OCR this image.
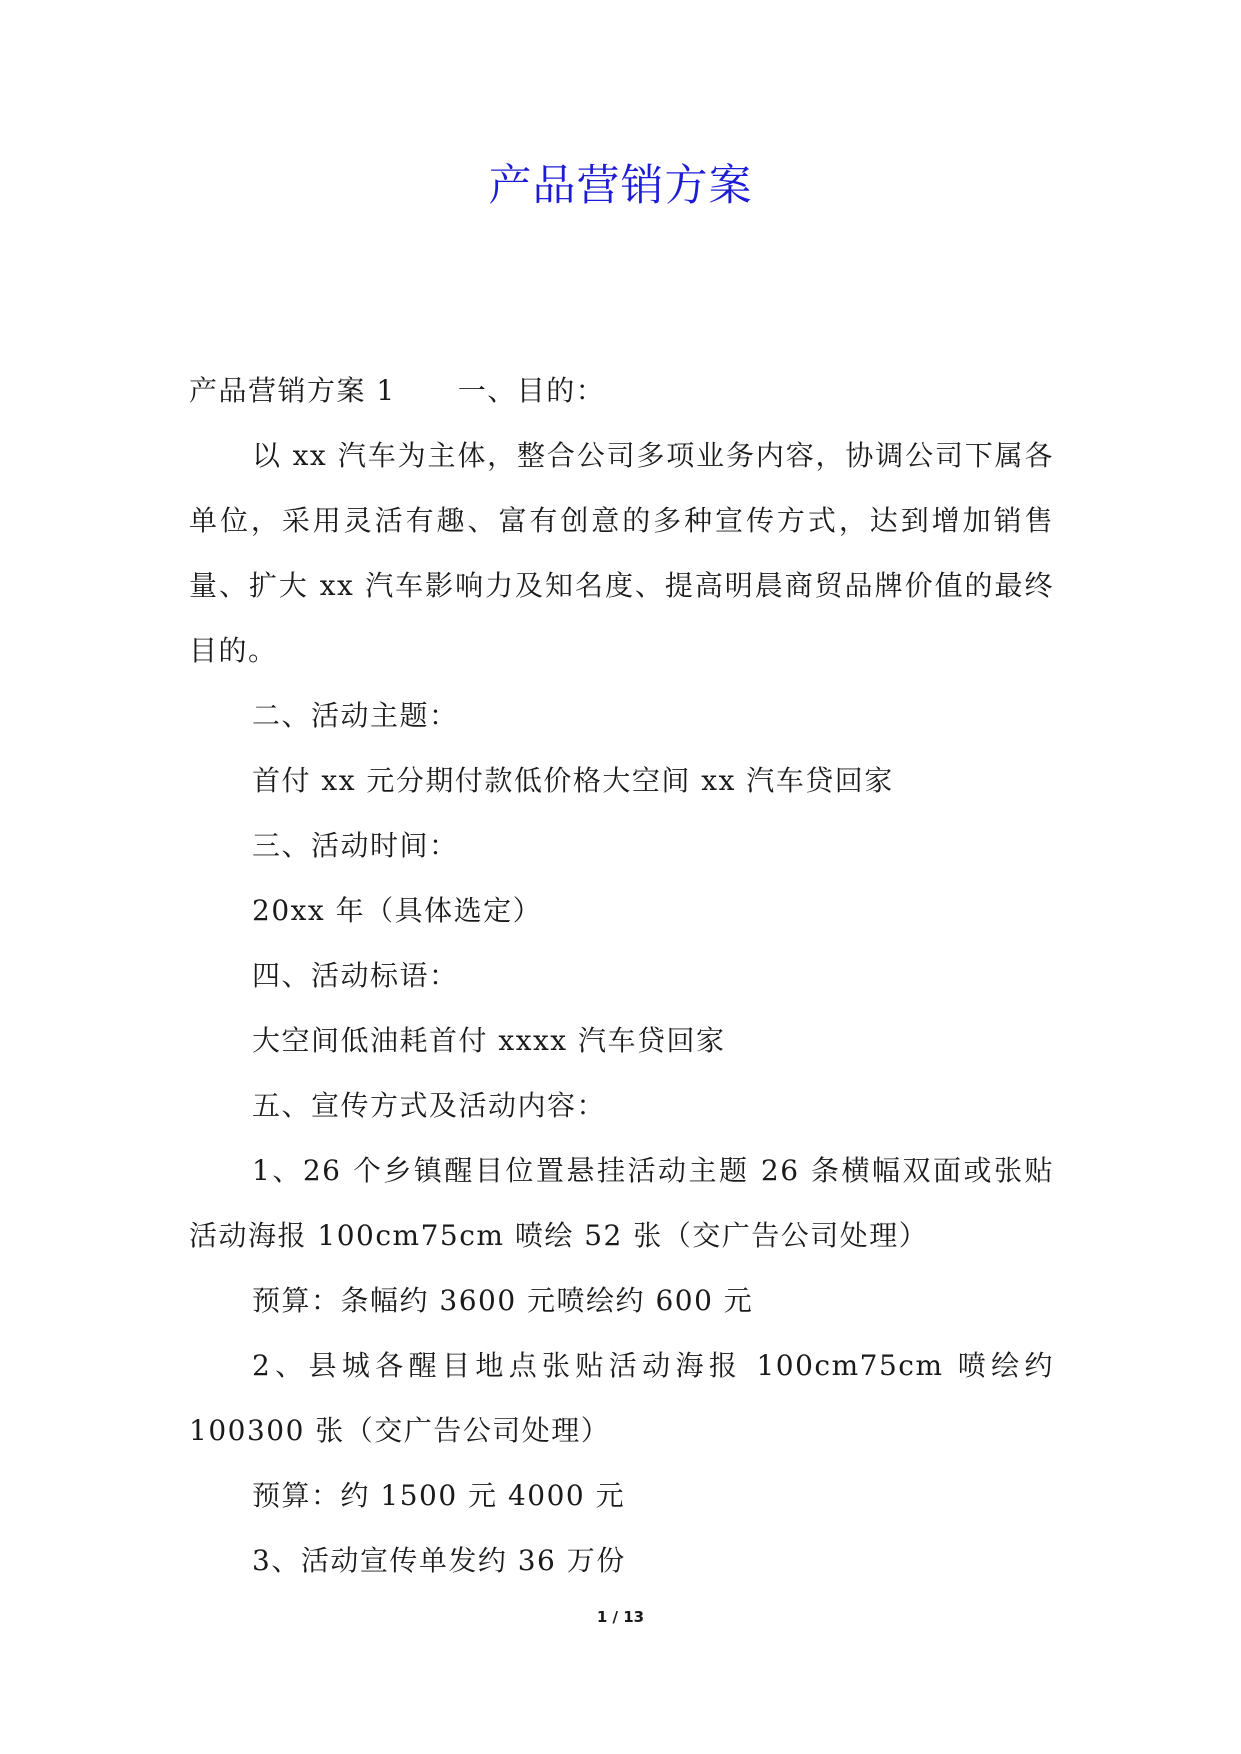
产品营销方案

产品营销方案 1 一、目的：

以 xx 汽车为主体，整合公司多项业务内容，协调公司下属各单位，采用灵活有趣、富有创意的多种宣传方式，达到增加销售量、扩大 xx 汽车影响力及知名度、提高明晨商贸品牌价值的最终目的。

二、活动主题：

首付 xx 元分期付款低价格大空间 xx 汽车贷回家

三、活动时间：

20xx 年（具体选定）

四、活动标语：

大空间低油耗首付 xxxx 汽车贷回家

五、宣传方式及活动内容：

1、26 个乡镇醒目位置悬挂活动主题 26 条横幅双面或张贴活动海报 100cm75cm 喷绘 52 张（交广告公司处理）

预算：条幅约 3600 元喷绘约 600 元

2、县城各醒目地点张贴活动海报 100cm75cm 喷绘约 100300 张（交广告公司处理）

预算：约 1500 元 4000 元

3、活动宣传单发约 36 万份

1 / 13
